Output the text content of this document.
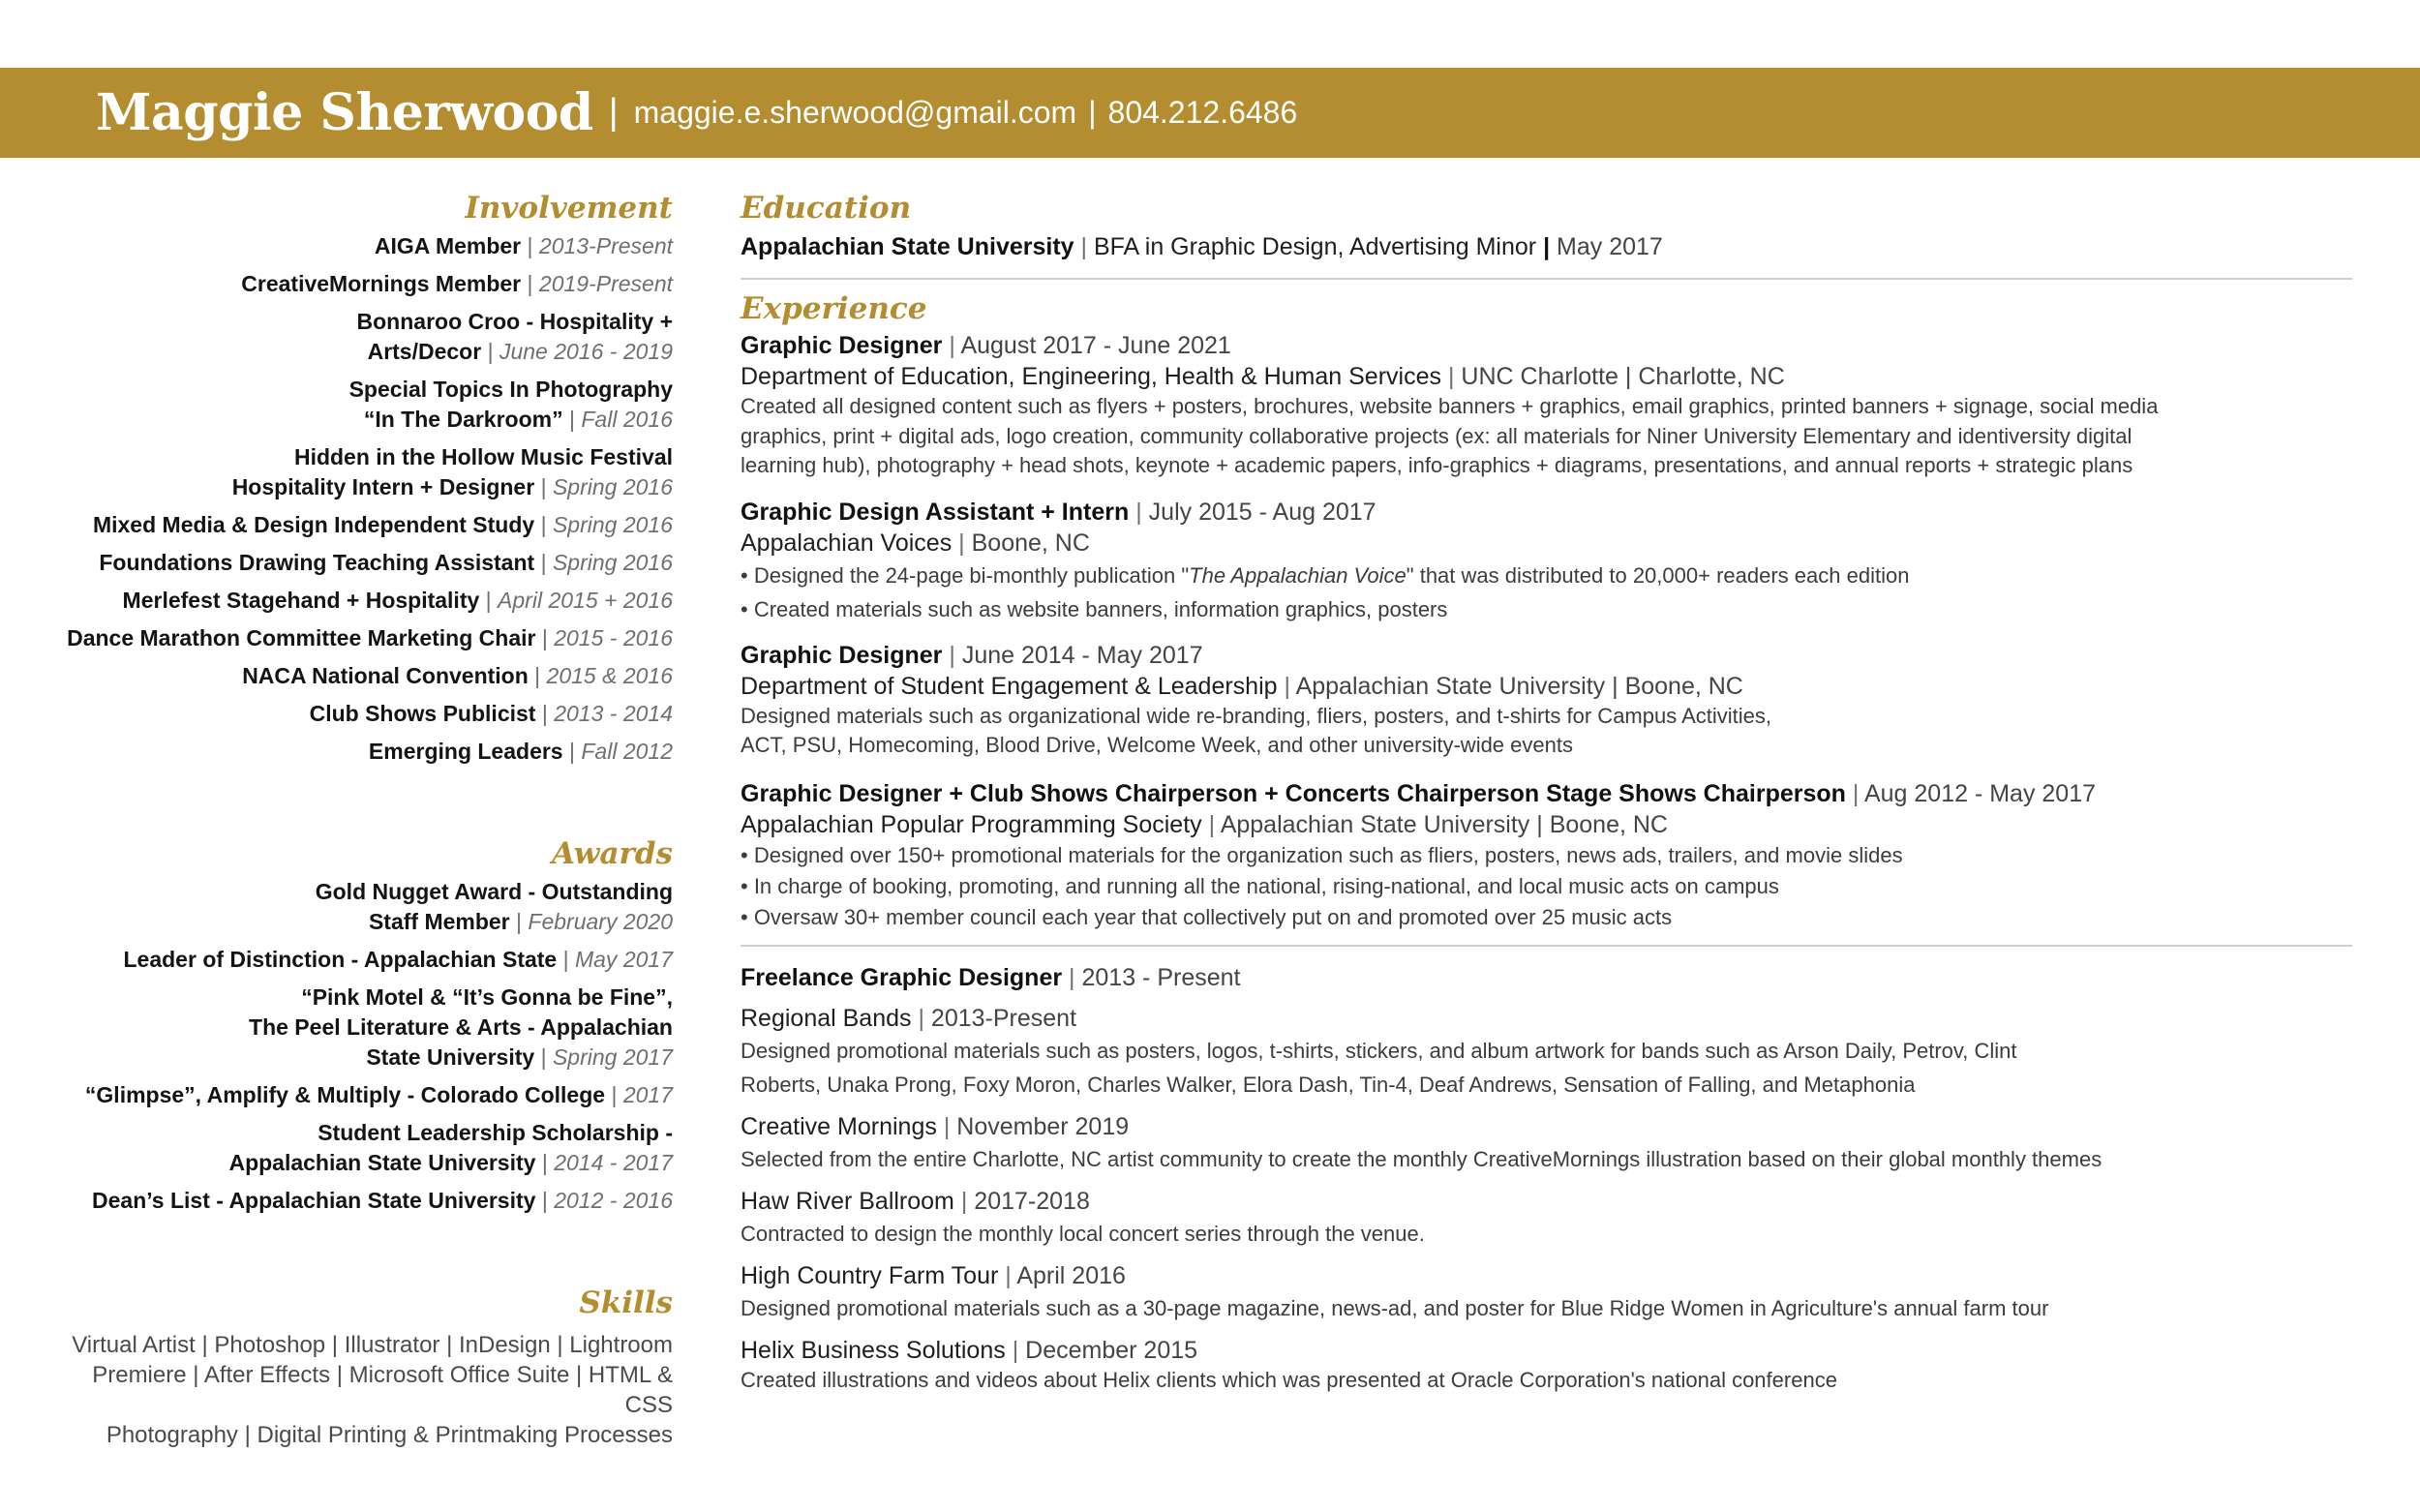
Maggie Sherwood | maggie.e.sherwood@gmail.com | 804.212.6486
Involvement
AIGA Member | 2013-Present
CreativeMornings Member | 2019-Present
Bonnaroo Croo - Hospitality +
Arts/Decor | June 2016 - 2019
Special Topics In Photography
“In The Darkroom” | Fall 2016
Hidden in the Hollow Music Festival
Hospitality Intern + Designer | Spring 2016
Mixed Media & Design Independent Study | Spring 2016
Foundations Drawing Teaching Assistant | Spring 2016
Merlefest Stagehand + Hospitality | April 2015 + 2016
Dance Marathon Committee Marketing Chair | 2015 - 2016
NACA National Convention | 2015 & 2016
Club Shows Publicist | 2013 - 2014
Emerging Leaders | Fall 2012
Awards
Gold Nugget Award - Outstanding
Staff Member | February 2020
Leader of Distinction - Appalachian State | May 2017
“Pink Motel & “It’s Gonna be Fine”,
The Peel Literature & Arts - Appalachian
State University | Spring 2017
“Glimpse”, Amplify & Multiply - Colorado College | 2017
Student Leadership Scholarship -
Appalachian State University | 2014 - 2017
Dean’s List - Appalachian State University | 2012 - 2016
Skills
Virtual Artist | Photoshop | Illustrator | InDesign | Lightroom
Premiere | After Effects | Microsoft Office Suite | HTML & CSS
Photography | Digital Printing & Printmaking Processes
Education
Appalachian State University | BFA in Graphic Design, Advertising Minor | May 2017
Experience
Graphic Designer | August 2017 - June 2021
Department of Education, Engineering, Health & Human Services | UNC Charlotte | Charlotte, NC
Created all designed content such as flyers + posters, brochures, website banners + graphics, email graphics, printed banners + signage, social media
graphics, print + digital ads, logo creation, community collaborative projects (ex: all materials for Niner University Elementary and identiversity digital
learning hub), photography + head shots, keynote + academic papers, info-graphics + diagrams, presentations, and annual reports + strategic plans
Graphic Design Assistant + Intern | July 2015 - Aug 2017
Appalachian Voices | Boone, NC
• Designed the 24-page bi-monthly publication "The Appalachian Voice" that was distributed to 20,000+ readers each edition
• Created materials such as website banners, information graphics, posters
Graphic Designer | June 2014 - May 2017
Department of Student Engagement & Leadership | Appalachian State University | Boone, NC
Designed materials such as organizational wide re-branding, fliers, posters, and t-shirts for Campus Activities,
ACT, PSU, Homecoming, Blood Drive, Welcome Week, and other university-wide events
Graphic Designer + Club Shows Chairperson + Concerts Chairperson Stage Shows Chairperson | Aug 2012 - May 2017
Appalachian Popular Programming Society | Appalachian State University | Boone, NC
• Designed over 150+ promotional materials for the organization such as fliers, posters, news ads, trailers, and movie slides
• In charge of booking, promoting, and running all the national, rising-national, and local music acts on campus
• Oversaw 30+ member council each year that collectively put on and promoted over 25 music acts
Freelance Graphic Designer | 2013 - Present
Regional Bands | 2013-Present
Designed promotional materials such as posters, logos, t-shirts, stickers, and album artwork for bands such as Arson Daily, Petrov, Clint
Roberts, Unaka Prong, Foxy Moron, Charles Walker, Elora Dash, Tin-4, Deaf Andrews, Sensation of Falling, and Metaphonia
Creative Mornings | November 2019
Selected from the entire Charlotte, NC artist community to create the monthly CreativeMornings illustration based on their global monthly themes
Haw River Ballroom | 2017-2018
Contracted to design the monthly local concert series through the venue.
High Country Farm Tour | April 2016
Designed promotional materials such as a 30-page magazine, news-ad, and poster for Blue Ridge Women in Agriculture's annual farm tour
Helix Business Solutions | December 2015
Created illustrations and videos about Helix clients which was presented at Oracle Corporation's national conference
